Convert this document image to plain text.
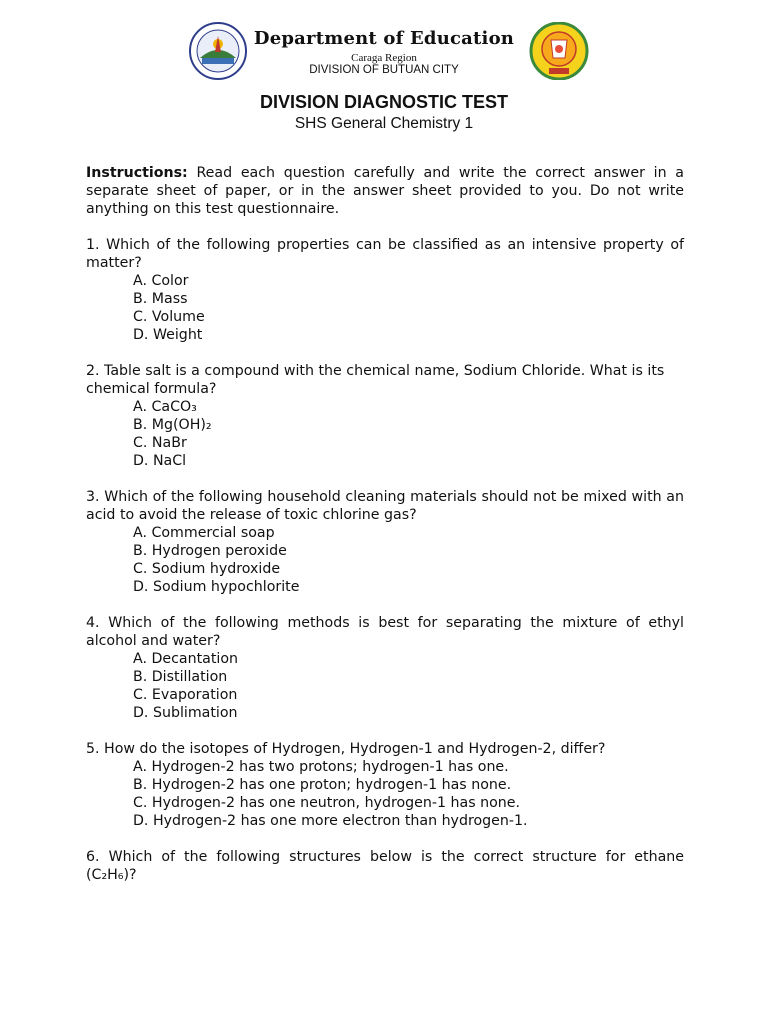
Department of Education
Caraga Region
DIVISION OF BUTUAN CITY
DIVISION DIAGNOSTIC TEST
SHS General Chemistry 1

Instructions: Read each question carefully and write the correct answer in a separate sheet of paper, or in the answer sheet provided to you. Do not write anything on this test questionnaire.

1. Which of the following properties can be classified as an intensive property of matter?

A. Color
B. Mass
C. Volume
D. Weight

2. Table salt is a compound with the chemical name, Sodium Chloride. What is its

chemical formula?

A. CaCO₃
B. Mg(OH)₂
C. NaBr
D. NaCl

3. Which of the following household cleaning materials should not be mixed with an acid to avoid the release of toxic chlorine gas?

A. Commercial soap
B. Hydrogen peroxide
C. Sodium hydroxide
D. Sodium hypochlorite

4. Which of the following methods is best for separating the mixture of ethyl alcohol and water?

A. Decantation
B. Distillation
C. Evaporation
D. Sublimation

5. How do the isotopes of Hydrogen, Hydrogen-1 and Hydrogen-2, differ?

A. Hydrogen-2 has two protons; hydrogen-1 has one.
B. Hydrogen-2 has one proton; hydrogen-1 has none.
C. Hydrogen-2 has one neutron, hydrogen-1 has none.
D. Hydrogen-2 has one more electron than hydrogen-1.

6. Which of the following structures below is the correct structure for ethane (C₂H₆)?
